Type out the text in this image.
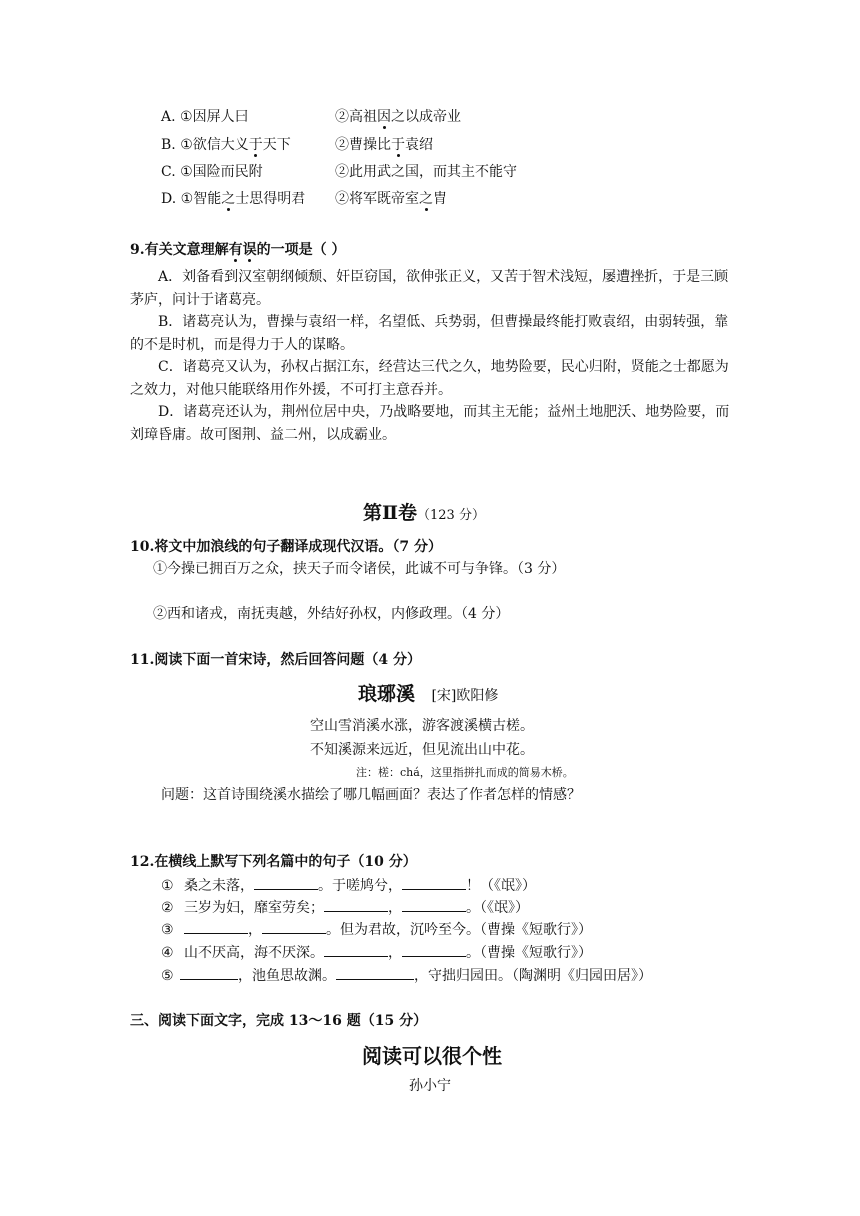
A. ①因屏人曰	②高祖因之以成帝业
B. ①欲信大义于天下	②曹操比于袁绍
C. ①国险而民附	②此用武之国，而其主不能守
D. ①智能之士思得明君 ②将军既帝室之胄
9.有关文意理解有误的一项是（ ）
A．刘备看到汉室朝纲倾颓、奸臣窃国，欲伸张正义，又苦于智术浅短，屡遭挫折，于是三顾茅庐，问计于诸葛亮。
B．诸葛亮认为，曹操与袁绍一样，名望低、兵势弱，但曹操最终能打败袁绍，由弱转强，靠的不是时机，而是得力于人的谋略。
C．诸葛亮又认为，孙权占据江东，经营达三代之久，地势险要，民心归附，贤能之士都愿为之效力，对他只能联络用作外援，不可打主意吞并。
D．诸葛亮还认为，荆州位居中央，乃战略要地，而其主无能；益州土地肥沃、地势险要，而刘璋昏庸。故可图荆、益二州，以成霸业。
第Ⅱ卷（123 分）
10.将文中加浪线的句子翻译成现代汉语。（7 分）
①今操已拥百万之众，挟天子而令诸侯，此诚不可与争锋。（3 分）
②西和诸戎，南抚夷越，外结好孙权，内修政理。（4 分）
11.阅读下面一首宋诗，然后回答问题（4 分）
琅琊溪 [宋]欧阳修
空山雪消溪水涨，游客渡溪横古槎。
不知溪源来远近，但见流出山中花。
注：槎：chá，这里指拼扎而成的简易木桥。
问题：这首诗围绕溪水描绘了哪几幅画面？表达了作者怎样的情感？
12.在横线上默写下列名篇中的句子（10 分）
① 桑之未落，	。于嗟鸠兮，	！（《氓》）
② 三岁为妇，靡室劳矣；	，	。（《氓》）
③	，	。但为君故，沉吟至今。（曹操《短歌行》）
④ 山不厌高，海不厌深。	，	。（曹操《短歌行》）
⑤	，池鱼思故渊。	，守拙归园田。（陶渊明《归园田居》）
三、阅读下面文字，完成 13～16 题（15 分）
阅读可以很个性
孙小宁
